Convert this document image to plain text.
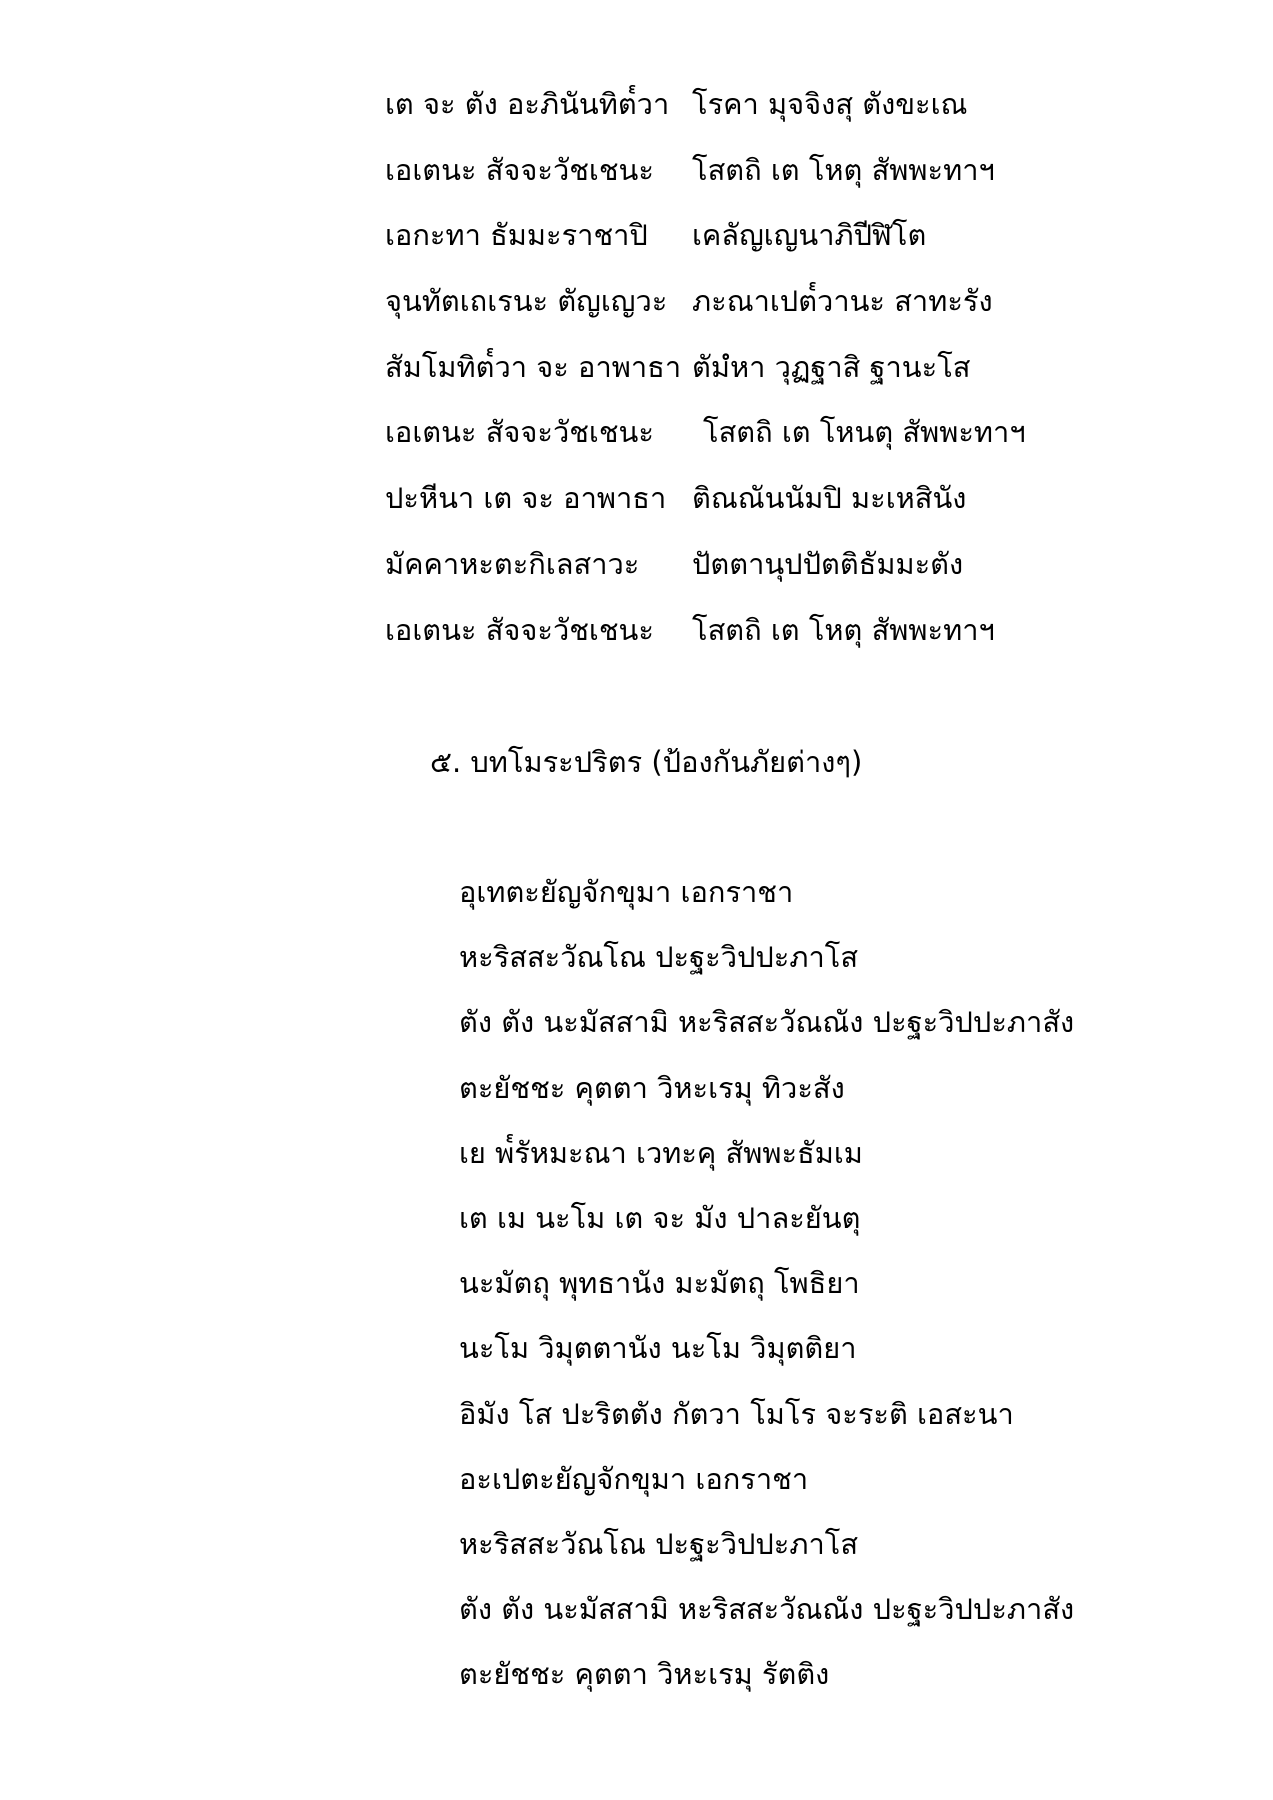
เต จะ ตัง อะภินันทิต๎วา โรคา มุจจิงสุ ตังขะเณ
เอเตนะ สัจจะวัชเชนะ โสตถิ เต โหตุ สัพพะทาฯ
เอกะทา ธัมมะราชาปิ เคลัญเญนาภิปีฬิโต
จุนทัตเถเรนะ ตัญเญวะ ภะณาเปต๎วานะ สาทะรัง
สัมโมทิต๎วา จะ อาพาธา ตัมํหา วุฏฐาสิ ฐานะโส
เอเตนะ สัจจะวัชเชนะ โสตถิ เต โหนตุ สัพพะทาฯ
ปะหีนา เต จะ อาพาธา ติณณันนัมปิ มะเหสินัง
มัคคาหะตะกิเลสาวะ ปัตตานุปปัตติธัมมะตัง
เอเตนะ สัจจะวัชเชนะ โสตถิ เต โหตุ สัพพะทาฯ
๕. บทโมระปริตร (ป้องกันภัยต่างๆ)
อุเทตะยัญจักขุมา เอกราชา
หะริสสะวัณโณ ปะฐะวิปปะภาโส
ตัง ตัง นะมัสสามิ หะริสสะวัณณัง ปะฐะวิปปะภาสัง
ตะยัชชะ คุตตา วิหะเรมุ ทิวะสัง
เย พ๎รัหมะณา เวทะคุ สัพพะธัมเม
เต เม นะโม เต จะ มัง ปาละยันตุ
นะมัตถุ พุทธานัง มะมัตถุ โพธิยา
นะโม วิมุตตานัง นะโม วิมุตติยา
อิมัง โส ปะริตตัง กัตวา โมโร จะระติ เอสะนา
อะเปตะยัญจักขุมา เอกราชา
หะริสสะวัณโณ ปะฐะวิปปะภาโส
ตัง ตัง นะมัสสามิ หะริสสะวัณณัง ปะฐะวิปปะภาสัง
ตะยัชชะ คุตตา วิหะเรมุ รัตติง
